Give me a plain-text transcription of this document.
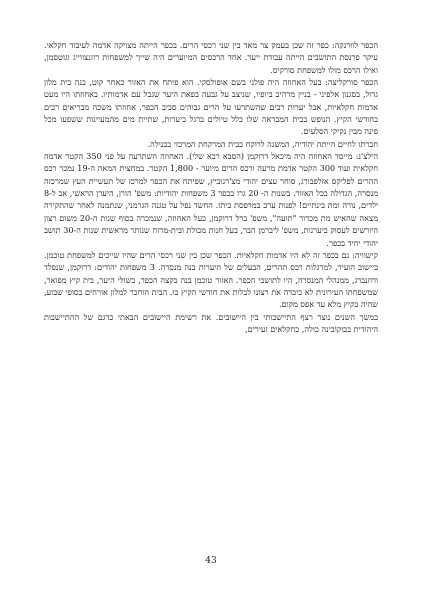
הכפר לוורנקה: כפר זה שכן בעמק צר מאד בין שני רכסי הרים. בכפר הייתה מצויקה אדמה לעיבוד חקלאי. עיקר פרנסת התושבים הייתה עבודת ייער. אחד הרכסים המיוערים היה שייך למשפחות רוזנצווייג וגוטסמן, ואילו הרכס מולו למשפחת סורקיס.

הכפר סורקליצה: בעל האחוזה היה פולני בשם אופולסקי. הוא פיתח את האזור כאחר קוט, בנה בית מלון גדול, בסגנון אלפיני - בניין מרהיב ביופיו, שניצב על גבעה בפאת היער שגבל עם אדמותיו. באחוזתו היו מעט אדמות חקלאיות, אבל יערות רבים שהשתרעו על הרים גבוהים סביב הכפר. אחוזתו משכה מבריאים רבים בחודשי הקיץ. הנופש בבית המבראה שלו כלל טיולים ברגל ביערות, שתיית מים מהמעיינות ששפעו מכל פינה מבין נקיקי הסלעים.

חברתו לחיים הייתה יהודיה, המשנה לרוקח בבית המרקחת המרכזי בבנילה.

הילצ'נ: מייסד האחוזה היה מיכאל דרוקמן (הסבא רבא שלי). האחוזה השתרעה על פני 350 הקטר אדמה חקלאית ועוד 300 הקטר אדמת מרעה ורכס הרים מיוער - 1,800 הקטר. במחצית המאה ה-19 נמכר רכס ההרים לפליקס אזלפבורג, סוחר עצים יהודי מצ'רנוביץ, שפיתח את הכפר למרכז של תעשיית העץ שמרכזה מנסרה, הגדולה בכל האזור. בשנות ה- 20 גרו בכפר 3 משפחות יהודיות: משפ' הורן, היערן הראשי, אב ל-8 ילדים, נורה ומת בינתיים! לפנות ערב במרפסת ביתו. החשד נפל על טגנה הגרמני, שנתמנה לאחר שהתקירה מצאה שהאיש מת מכדור "תועה", משפ' ברל דרוקמן, בעל האחוזה, שנמכרה בסוף שנות ה-20 משום רצון היורשים לעסוק ביערנות, משפ' ליברמן הבר, בעל חנות מכולת ובית-מרזח שנותר מראשית שנות ה-30 תושב יהודי יחיד בכפר.

קישוויה: גם בכפר זה לא היו אדמות חקלאיות. הכפר שכן בין שני רכסי הרים שהיו שייכים למשפחת טוכמן. ביישוב הועיר, למרגלות רכס ההרים, הבעלים של היערות בנה מנסרה. 3 משפחות יהודים: דרוקמן, שנפלד ורוזנברג, ממנהלי המנסרה, היו לתושבי הכפר. האזור טוכמן בנה בקצה הכפר, בשולי היער, בית קיץ מפואר, שמשפחתו העירונית לא כיבדה את רצונו לבלות את חודשי הקיץ בו. הבית הוחכר למלון אורחים בסופי שבוע, שהיה בקיץ מלא עד אפס מקום.

במשך השנים נוצר רצף התיישבותי בין היישובים. את רשימת היישובים הבאתי כדגם של ההתיישבות היהודית בבוקובינה כולה, כחקלאים זעירים,

43
